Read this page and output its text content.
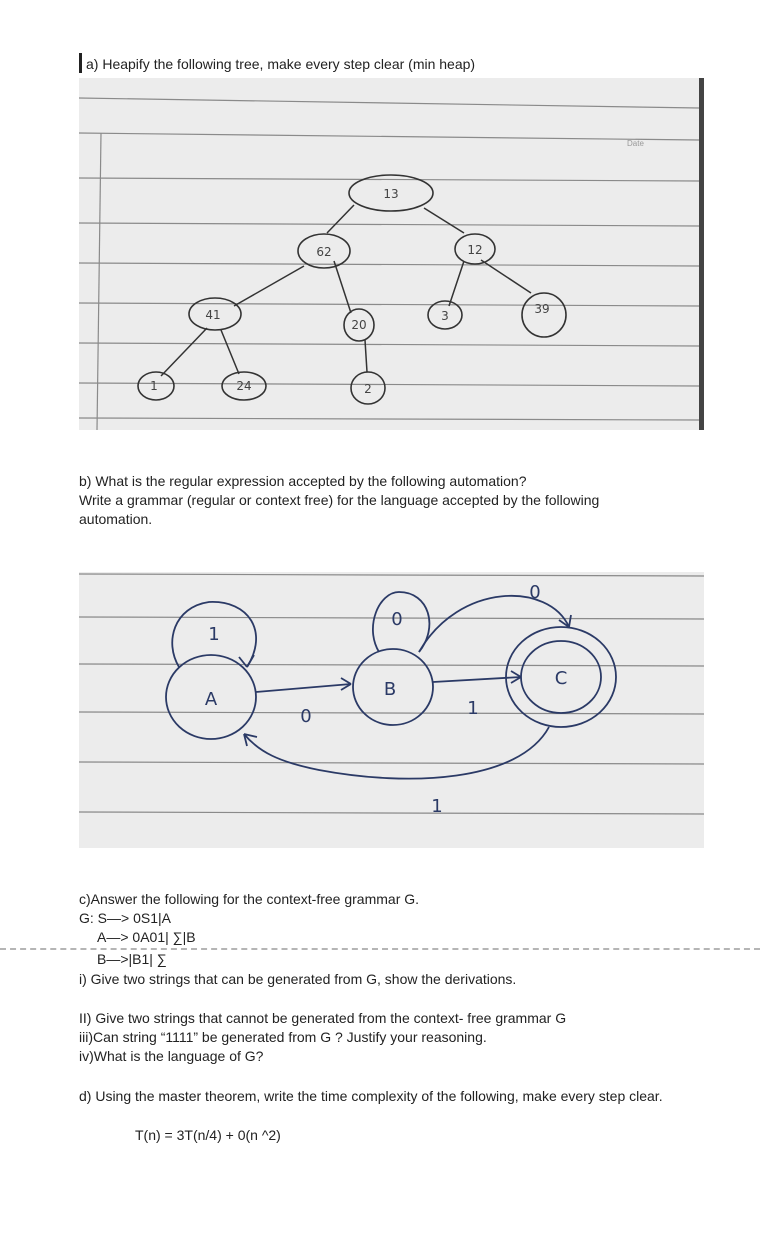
a) Heapify the following tree, make every step clear (min heap)
Date
13
62	12
41
20
3	39
1	24	2
b) What is the regular expression accepted by the following automation?
Write a grammar (regular or context free) for the language accepted by the following
automation.
A	B
C
1
0
0
0	1
1
c)Answer the following for the context-free grammar G.
G: S—> 0S1|A
A—> 0A01| ∑|B
B—>|B1| ∑
i) Give two strings that can be generated from G, show the derivations.
II) Give two strings that cannot be generated from the context- free grammar G
iii)Can string “1111” be generated from G ? Justify your reasoning.
iv)What is the language of G?
d) Using the master theorem, write the time complexity of the following, make every step clear.
T(n) = 3T(n/4) + 0(n ^2)
